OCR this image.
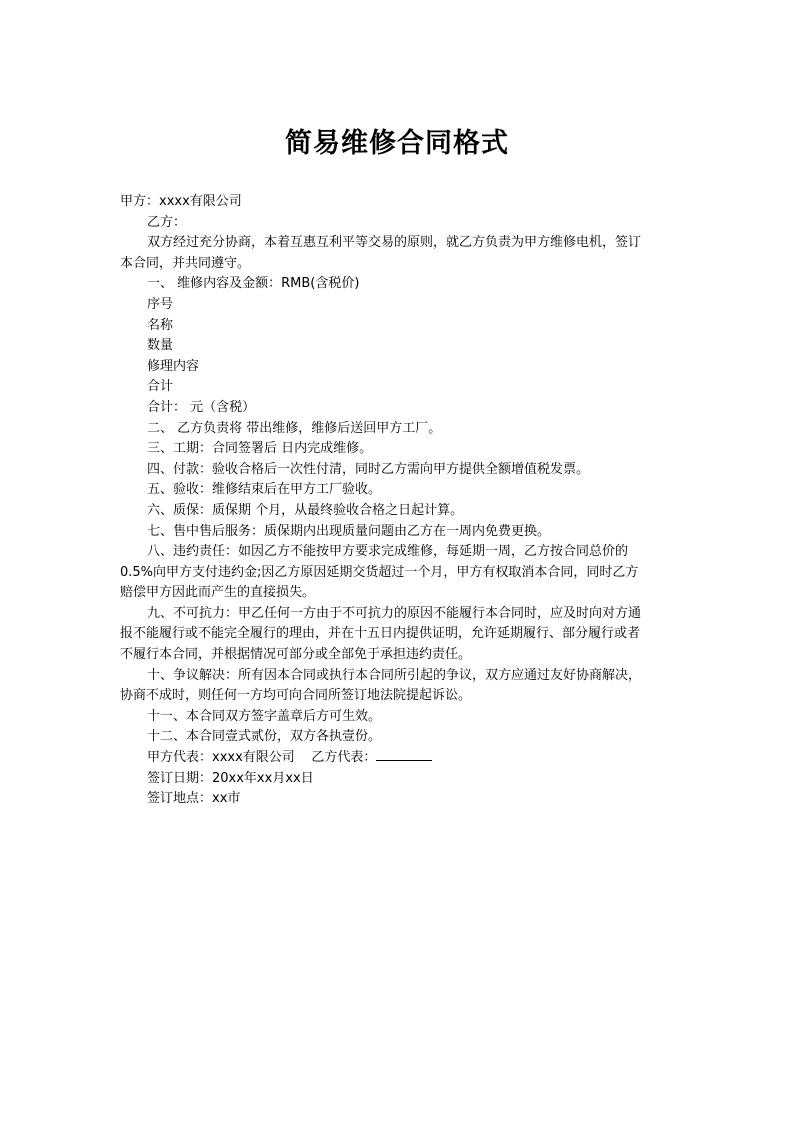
简易维修合同格式
甲方：xxxx有限公司
乙方：
双方经过充分协商，本着互惠互利平等交易的原则，就乙方负责为甲方维修电机，签订
本合同，并共同遵守。
一、 维修内容及金额：RMB(含税价)
序号
名称
数量
修理内容
合计
合计： 元（含税）
二、 乙方负责将 带出维修，维修后送回甲方工厂。
三、工期：合同签署后 日内完成维修。
四、付款：验收合格后一次性付清，同时乙方需向甲方提供全额增值税发票。
五、验收：维修结束后在甲方工厂验收。
六、质保：质保期 个月，从最终验收合格之日起计算。
七、售中售后服务：质保期内出现质量问题由乙方在一周内免费更换。
八、违约责任：如因乙方不能按甲方要求完成维修，每延期一周，乙方按合同总价的
0.5%向甲方支付违约金;因乙方原因延期交货超过一个月，甲方有权取消本合同，同时乙方
赔偿甲方因此而产生的直接损失。
九、不可抗力：甲乙任何一方由于不可抗力的原因不能履行本合同时，应及时向对方通
报不能履行或不能完全履行的理由，并在十五日内提供证明，允许延期履行、部分履行或者
不履行本合同，并根据情况可部分或全部免于承担违约责任。
十、争议解决：所有因本合同或执行本合同所引起的争议，双方应通过友好协商解决，
协商不成时，则任何一方均可向合同所签订地法院提起诉讼。
十一、本合同双方签字盖章后方可生效。
十二、本合同壹式贰份，双方各执壹份。
甲方代表：xxxx有限公司 乙方代表：
签订日期：20xx年xx月xx日
签订地点：xx市
